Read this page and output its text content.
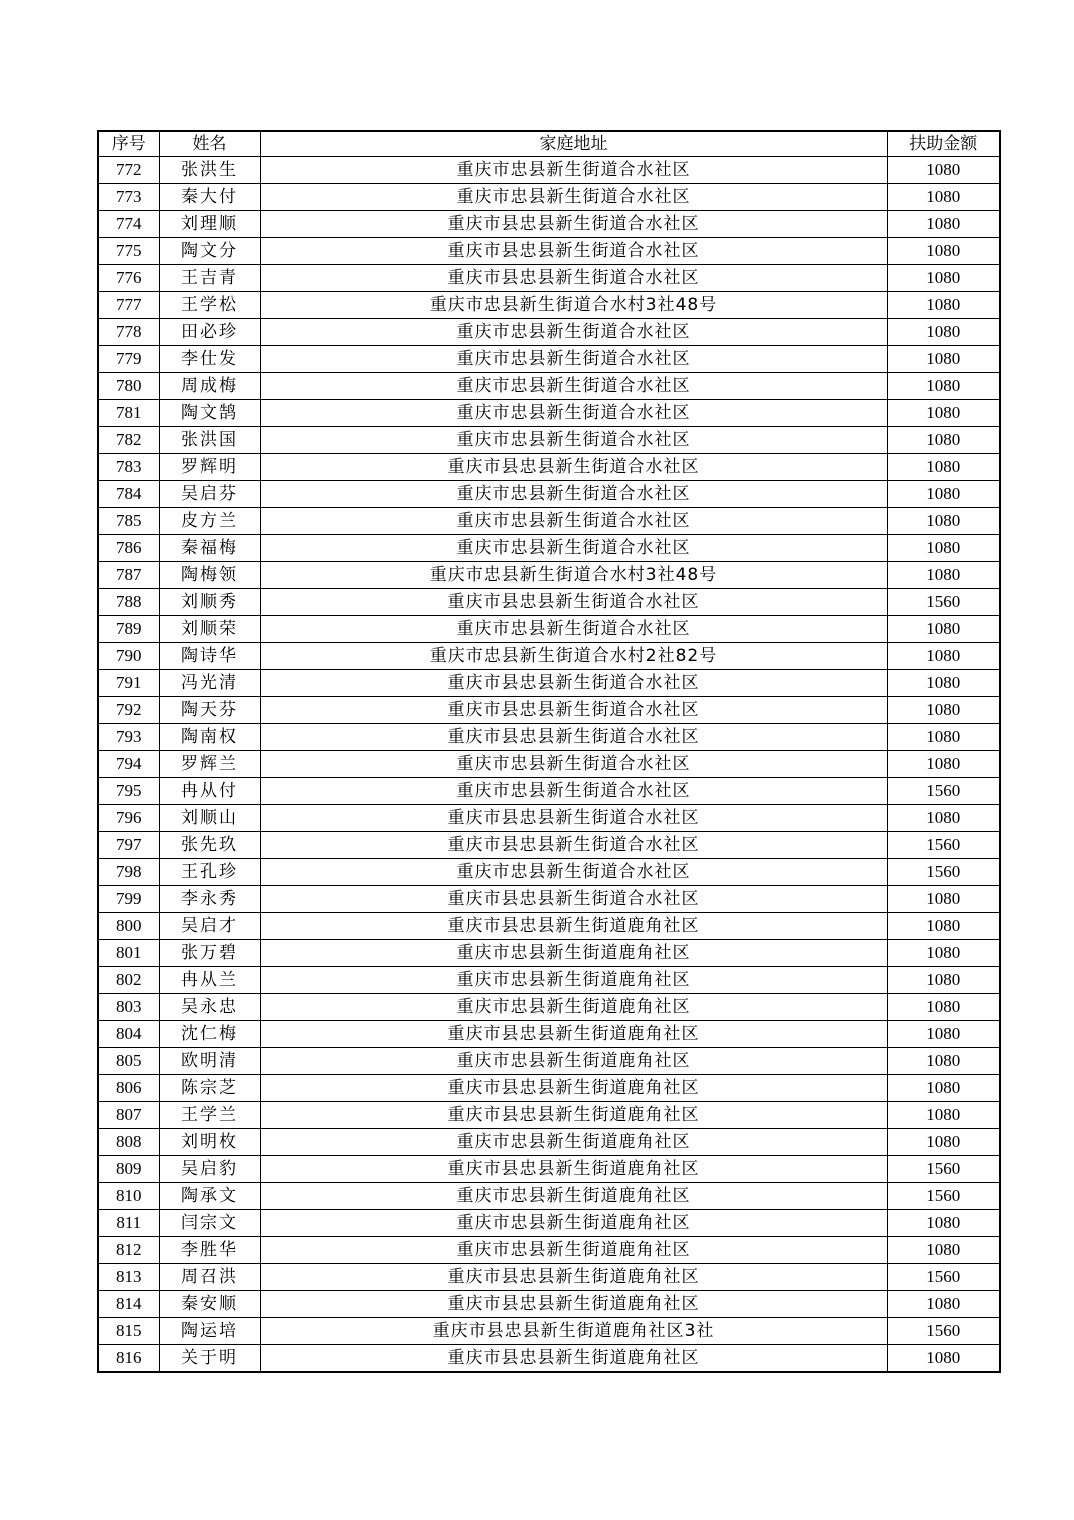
序号	姓名	家庭地址	扶助金额
772	张洪生	重庆市忠县新生街道合水社区	1080
773	秦大付	重庆市忠县新生街道合水社区	1080
774	刘理顺	重庆市县忠县新生街道合水社区	1080
775	陶文分	重庆市县忠县新生街道合水社区	1080
776	王吉青	重庆市县忠县新生街道合水社区	1080
777	王学松	重庆市忠县新生街道合水村3社48号	1080
778	田必珍	重庆市忠县新生街道合水社区	1080
779	李仕发	重庆市忠县新生街道合水社区	1080
780	周成梅	重庆市忠县新生街道合水社区	1080
781	陶文鹄	重庆市忠县新生街道合水社区	1080
782	张洪国	重庆市忠县新生街道合水社区	1080
783	罗辉明	重庆市县忠县新生街道合水社区	1080
784	吴启芬	重庆市忠县新生街道合水社区	1080
785	皮方兰	重庆市忠县新生街道合水社区	1080
786	秦福梅	重庆市忠县新生街道合水社区	1080
787	陶梅领	重庆市忠县新生街道合水村3社48号	1080
788	刘顺秀	重庆市县忠县新生街道合水社区	1560
789	刘顺荣	重庆市忠县新生街道合水社区	1080
790	陶诗华	重庆市忠县新生街道合水村2社82号	1080
791	冯光清	重庆市县忠县新生街道合水社区	1080
792	陶天芬	重庆市县忠县新生街道合水社区	1080
793	陶南权	重庆市县忠县新生街道合水社区	1080
794	罗辉兰	重庆市忠县新生街道合水社区	1080
795	冉从付	重庆市忠县新生街道合水社区	1560
796	刘顺山	重庆市县忠县新生街道合水社区	1080
797	张先玖	重庆市县忠县新生街道合水社区	1560
798	王孔珍	重庆市忠县新生街道合水社区	1560
799	李永秀	重庆市县忠县新生街道合水社区	1080
800	吴启才	重庆市县忠县新生街道鹿角社区	1080
801	张万碧	重庆市忠县新生街道鹿角社区	1080
802	冉从兰	重庆市忠县新生街道鹿角社区	1080
803	吴永忠	重庆市忠县新生街道鹿角社区	1080
804	沈仁梅	重庆市县忠县新生街道鹿角社区	1080
805	欧明清	重庆市忠县新生街道鹿角社区	1080
806	陈宗芝	重庆市县忠县新生街道鹿角社区	1080
807	王学兰	重庆市县忠县新生街道鹿角社区	1080
808	刘明枚	重庆市忠县新生街道鹿角社区	1080
809	吴启豹	重庆市县忠县新生街道鹿角社区	1560
810	陶承文	重庆市忠县新生街道鹿角社区	1560
811	闫宗文	重庆市忠县新生街道鹿角社区	1080
812	李胜华	重庆市忠县新生街道鹿角社区	1080
813	周召洪	重庆市县忠县新生街道鹿角社区	1560
814	秦安顺	重庆市县忠县新生街道鹿角社区	1080
815	陶运培	重庆市县忠县新生街道鹿角社区3社	1560
816	关于明	重庆市县忠县新生街道鹿角社区	1080
